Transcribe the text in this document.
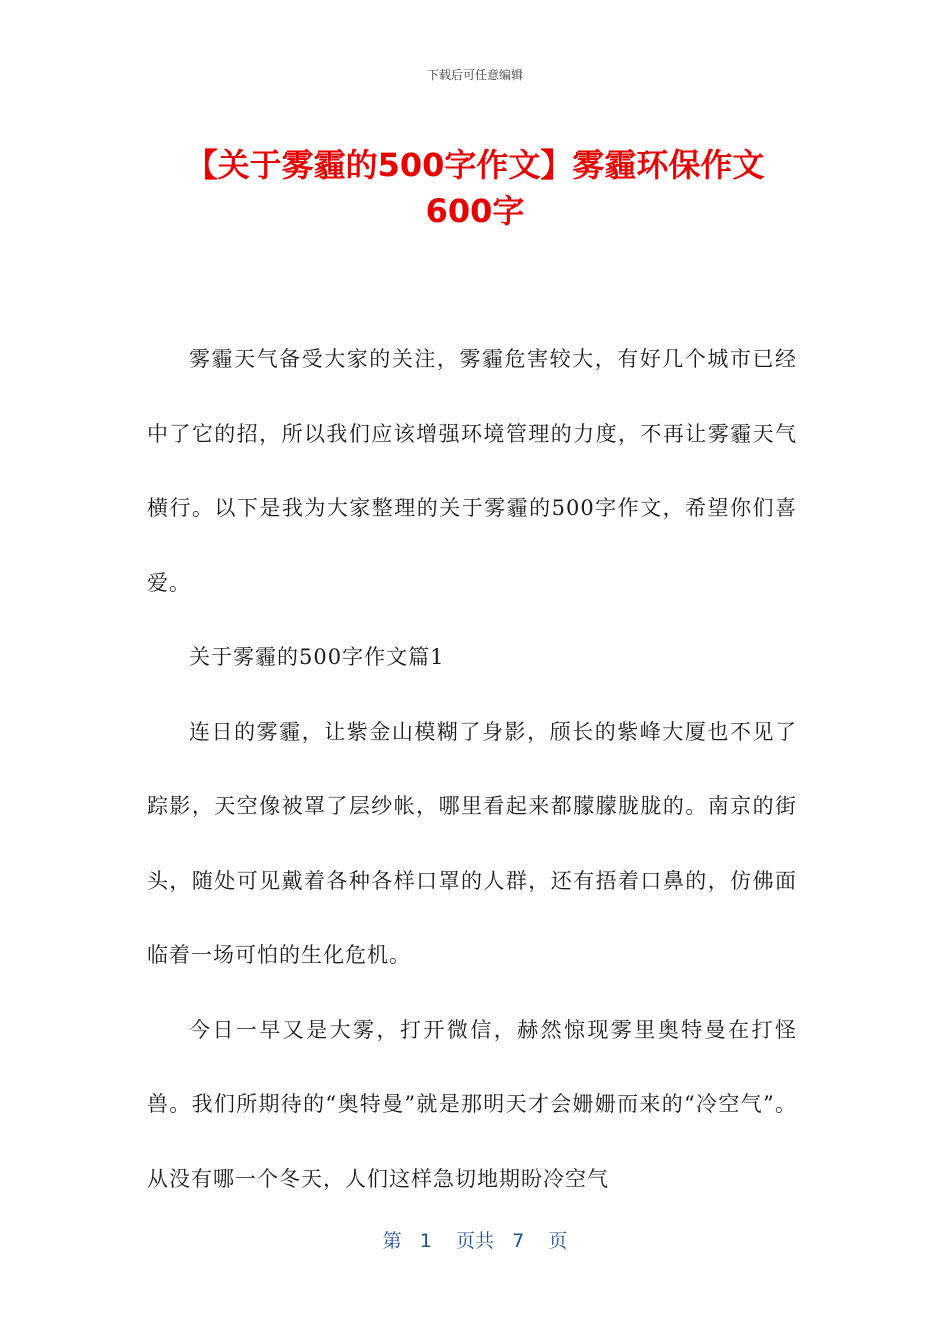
下载后可任意编辑
【关于雾霾的500字作文】雾霾环保作文
600字

雾霾天气备受大家的关注，雾霾危害较大，有好几个城市已经中了它的招，所以我们应该增强环境管理的力度，不再让雾霾天气横行。以下是我为大家整理的关于雾霾的500字作文，希望你们喜爱。

关于雾霾的500字作文篇1

连日的雾霾，让紫金山模糊了身影，颀长的紫峰大厦也不见了踪影，天空像被罩了层纱帐，哪里看起来都朦朦胧胧的。南京的街头，随处可见戴着各种各样口罩的人群，还有捂着口鼻的，仿佛面临着一场可怕的生化危机。

今日一早又是大雾，打开微信，赫然惊现雾里奥特曼在打怪兽。我们所期待的“奥特曼”就是那明天才会姗姗而来的“冷空气”。从没有哪一个冬天，人们这样急切地期盼冷空气

第 1 页共 7 页
